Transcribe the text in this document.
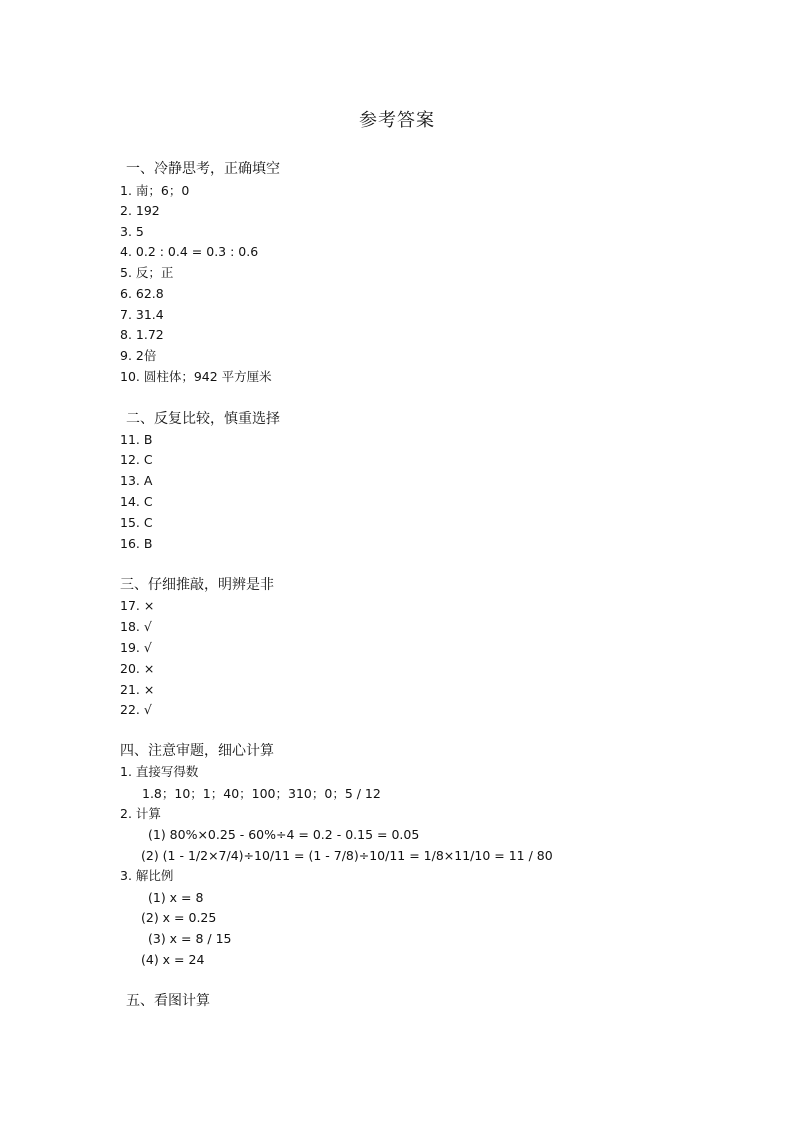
参考答案
一、冷静思考，正确填空
1. 南；6；0
2. 192
3. 5
4. 0.2 : 0.4 = 0.3 : 0.6
5. 反；正
6. 62.8
7. 31.4
8. 1.72
9. 2倍
10. 圆柱体；942 平方厘米
二、反复比较，慎重选择
11. B
12. C
13. A
14. C
15. C
16. B
三、仔细推敲，明辨是非
17. ×
18. √
19. √
20. ×
21. ×
22. √
四、注意审题，细心计算
1. 直接写得数
1.8；10；1；40；100；310；0；5 / 12
2. 计算
(1) 80%×0.25 - 60%÷4 = 0.2 - 0.15 = 0.05
(2) (1 - 1/2×7/4)÷10/11 = (1 - 7/8)÷10/11 = 1/8×11/10 = 11 / 80
3. 解比例
(1) x = 8
(2) x = 0.25
(3) x = 8 / 15
(4) x = 24
五、看图计算
